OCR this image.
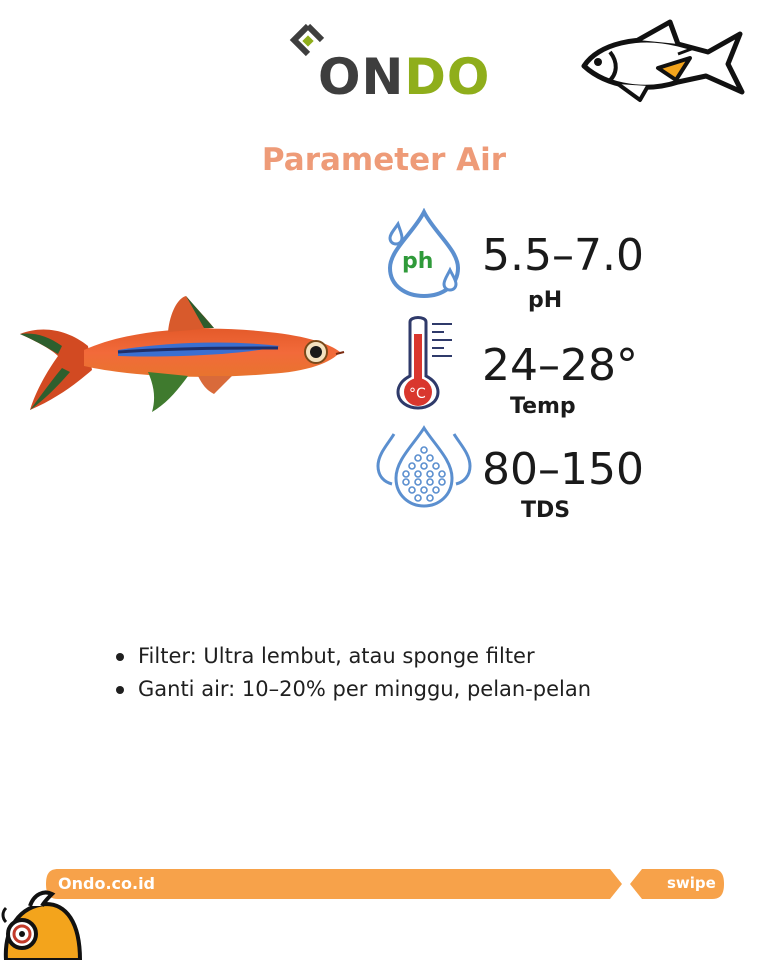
ONDO
Parameter Air
ph 5.5–7.0
pH
°C
24–28°
Temp
80–150
TDS
Filter: Ultra lembut, atau sponge filter
Ganti air: 10–20% per minggu, pelan-pelan
Ondo.co.id	swipe
